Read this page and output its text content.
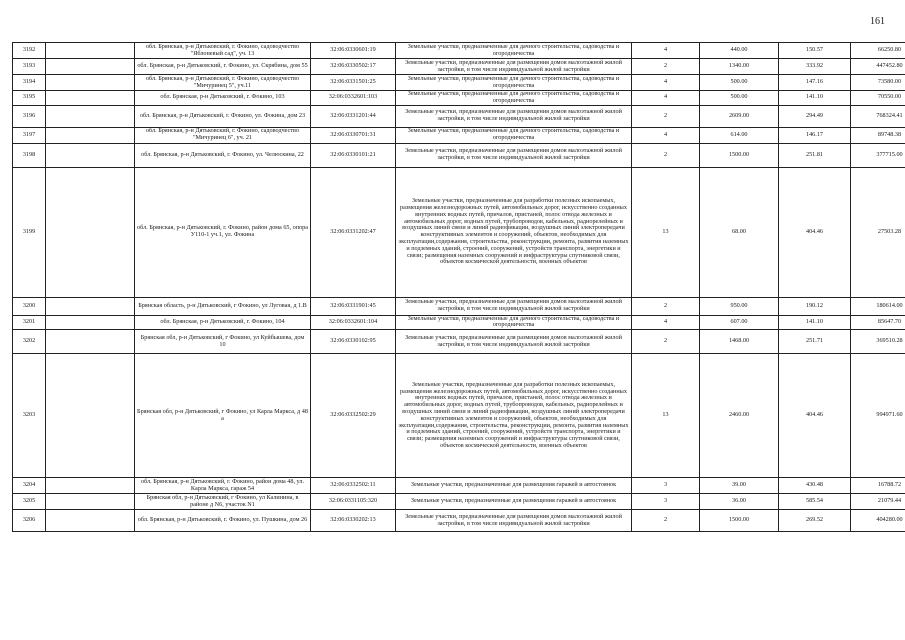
161
3192		обл. Брянская, р-н Дятьковский, г. Фокино, садоводчество "Яблоневый сад", уч. 13	32:06:0330601:19	Земельные участки, предназначенные для дачного строительства, садоводства и огородничества	4	440.00	150.57	66250.80
3193		обл. Брянская, р-н Дятьковский, г. Фокино, ул. Скрябина, дом 55	32:06:0330502:17	Земельные участки, предназначенные для размещения домов малоэтажной жилой застройки, в том числе индивидуальной жилой застройки	2	1340.00	333.92	447452.80
3194		обл. Брянская, р-н Дятьковский, г. Фокино, садоводчество "Мичуринец 5", уч.11	32:06:0331501:25	Земельные участки, предназначенные для дачного строительства, садоводства и огородничества	4	500.00	147.16	73580.00
3195		обл. Брянская, р-н Дятьковский, г. Фокино, 103	32:06:0332601:103	Земельные участки, предназначенные для дачного строительства, садоводства и огородничества	4	500.00	141.10	70550.00
3196		обл. Брянская, р-н Дятьковский, г. Фокино, ул. Фокина, дом 23	32:06:0331201:44	Земельные участки, предназначенные для размещения домов малоэтажной жилой застройки, в том числе индивидуальной жилой застройки	2	2609.00	294.49	768324.41
3197		обл. Брянская, р-н Дятьковский, г. Фокино, садоводчество "Мичуринец 6", уч. 21	32:06:0330701:31	Земельные участки, предназначенные для дачного строительства, садоводства и огородничества	4	614.00	146.17	89748.38
3198		обл. Брянская, р-н Дятьковский, г. Фокино, ул. Челюскина, 22	32:06:0330101:21	Земельные участки, предназначенные для размещения домов малоэтажной жилой застройки, в том числе индивидуальной жилой застройки	2	1500.00	251.81	377715.00
3199		обл. Брянская, р-н Дятьковский, г. Фокино, район дома 65, опора У110-1 уч.1, ул. Фокина	32:06:0331202:47	Земельные участки, предназначенные для разработки полезных ископаемых, размещения железнодорожных путей, автомобильных дорог, искусственно созданных внутренних водных путей, причалов, пристаней, полос отвода железных и автомобильных дорог, водных путей, трубопроводов, кабельных, радиорелейных и воздушных линий связи и линий радиофикации, воздушных линий электропередачи конструктивных элементов и сооружений, объектов, необходимых для эксплуатации,содержания, строительства, реконструкции, ремонта, развития наземных и подземных зданий, строений, сооружений, устройств транспорта, энергетики и связи; размещения наземных сооружений и инфраструктуры спутниковой связи, объектов космической деятельности, военных объектов	13	68.00	404.46	27503.28
3200		Брянская область, р-н Дятьковский, г Фокино, ул Луговая, д 1.В	32:06:0331901:45	Земельные участки, предназначенные для размещения домов малоэтажной жилой застройки, в том числе индивидуальной жилой застройки	2	950.00	190.12	180614.00
3201		обл. Брянская, р-н Дятьковский, г. Фокино, 104	32:06:0332601:104	Земельные участки, предназначенные для дачного строительства, садоводства и огородничества	4	607.00	141.10	85647.70
3202		Брянская обл, р-н Дятьковский, г Фокино, ул Куйбышева, дом 10	32:06:0330102:95	Земельные участки, предназначенные для размещения домов малоэтажной жилой застройки, в том числе индивидуальной жилой застройки	2	1468.00	251.71	369510.28
3203		Брянская обл, р-н Дятьковский, г Фокино, ул Карла Маркса, д 48 а	32:06:0332502:29	Земельные участки, предназначенные для разработки полезных ископаемых, размещения железнодорожных путей, автомобильных дорог, искусственно созданных внутренних водных путей, причалов, пристаней, полос отвода железных и автомобильных дорог, водных путей, трубопроводов, кабельных, радиорелейных и воздушных линий связи и линий радиофикации, воздушных линий электропередачи конструктивных элементов и сооружений, объектов, необходимых для эксплуатации,содержания, строительства, реконструкции, ремонта, развития наземных и подземных зданий, строений, сооружений, устройств транспорта, энергетики и связи; размещения наземных сооружений и инфраструктуры спутниковой связи, объектов космической деятельности, военных объектов	13	2460.00	404.46	994971.60
3204		обл. Брянская, р-н Дятьковский, г. Фокино, район дома 48, ул. Карла Маркса, гараж 54	32:06:0332502:11	Земельные участки, предназначенные для размещения гаражей и автостоянок	3	39.00	430.48	16788.72
3205		Брянская обл, р-н Дятьковский, г Фокино, ул Калинина, в районе д N6, участок N1	32:06:0331105:320	Земельные участки, предназначенные для размещения гаражей и автостоянок	3	36.00	585.54	21079.44
3206		обл. Брянская, р-н Дятьковский, г. Фокино, ул. Пушкина, дом 26	32:06:0330202:13	Земельные участки, предназначенные для размещения домов малоэтажной жилой застройки, в том числе индивидуальной жилой застройки	2	1500.00	269.52	404280.00
